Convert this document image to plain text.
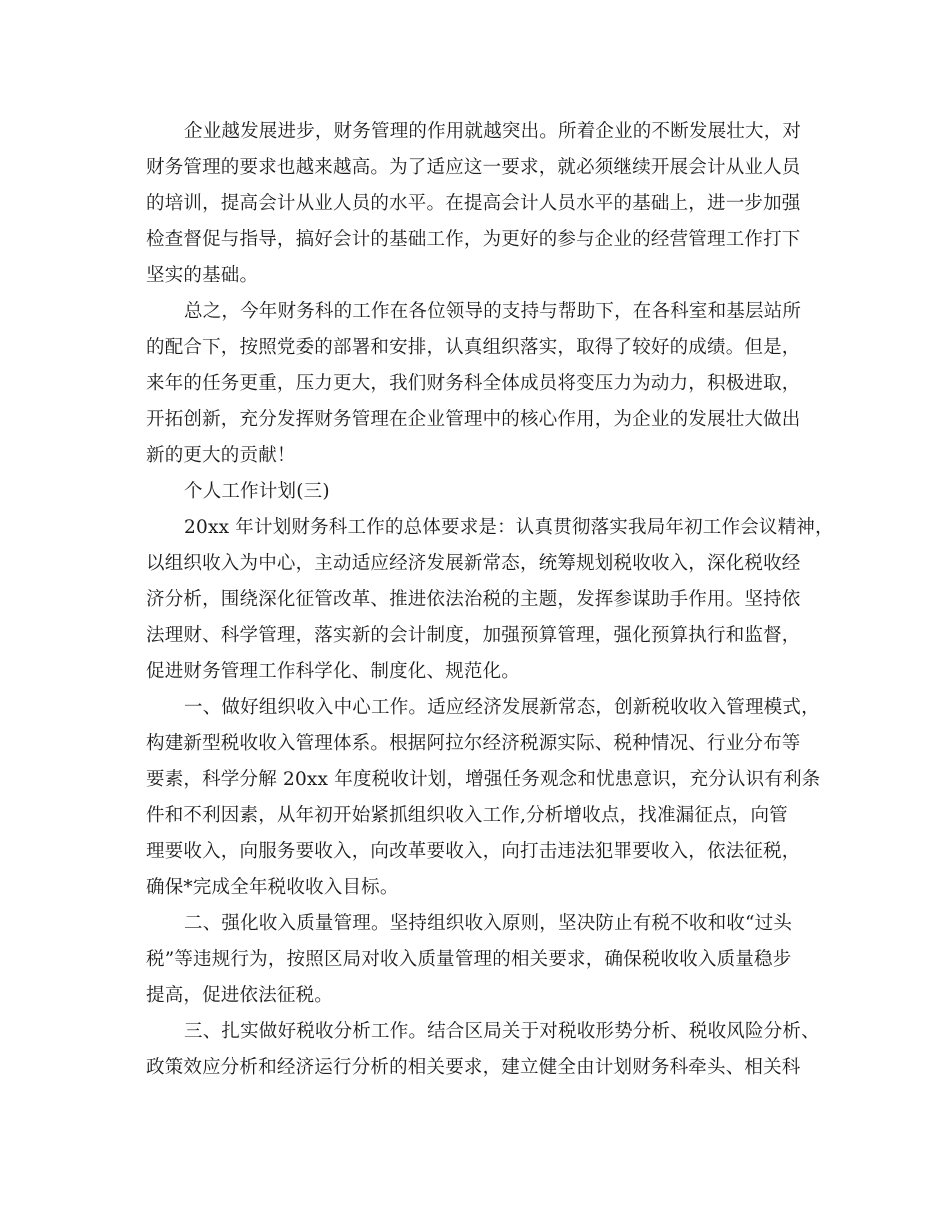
企业越发展进步，财务管理的作用就越突出。所着企业的不断发展壮大，对
财务管理的要求也越来越高。为了适应这一要求，就必须继续开展会计从业人员
的培训，提高会计从业人员的水平。在提高会计人员水平的基础上，进一步加强
检查督促与指导，搞好会计的基础工作，为更好的参与企业的经营管理工作打下
坚实的基础。
总之，今年财务科的工作在各位领导的支持与帮助下，在各科室和基层站所
的配合下，按照党委的部署和安排，认真组织落实，取得了较好的成绩。但是，
来年的任务更重，压力更大，我们财务科全体成员将变压力为动力，积极进取，
开拓创新，充分发挥财务管理在企业管理中的核心作用，为企业的发展壮大做出
新的更大的贡献！
个人工作计划(三)
20xx 年计划财务科工作的总体要求是：认真贯彻落实我局年初工作会议精神，
以组织收入为中心，主动适应经济发展新常态，统筹规划税收收入，深化税收经
济分析，围绕深化征管改革、推进依法治税的主题，发挥参谋助手作用。坚持依
法理财、科学管理，落实新的会计制度，加强预算管理，强化预算执行和监督，
促进财务管理工作科学化、制度化、规范化。
一、做好组织收入中心工作。适应经济发展新常态，创新税收收入管理模式，
构建新型税收收入管理体系。根据阿拉尔经济税源实际、税种情况、行业分布等
要素，科学分解 20xx 年度税收计划，增强任务观念和忧患意识，充分认识有利条
件和不利因素，从年初开始紧抓组织收入工作,分析增收点，找准漏征点，向管
理要收入，向服务要收入，向改革要收入，向打击违法犯罪要收入，依法征税，
确保*完成全年税收收入目标。
二、强化收入质量管理。坚持组织收入原则，坚决防止有税不收和收“过头
税”等违规行为，按照区局对收入质量管理的相关要求，确保税收收入质量稳步
提高，促进依法征税。
三、扎实做好税收分析工作。结合区局关于对税收形势分析、税收风险分析、
政策效应分析和经济运行分析的相关要求，建立健全由计划财务科牵头、相关科
